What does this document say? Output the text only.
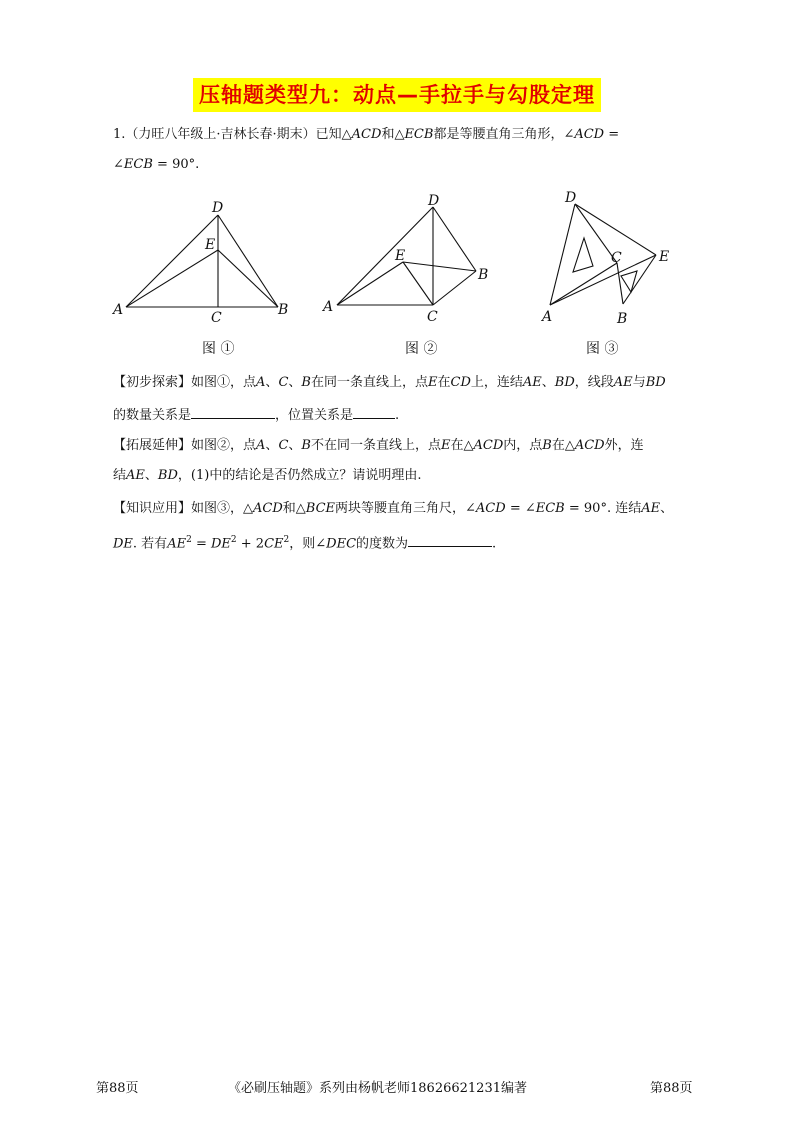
压轴题类型九：动点—手拉手与勾股定理
1.（力旺八年级上·吉林长春·期末）已知△ACD和△ECB都是等腰直角三角形，∠ACD =
∠ECB = 90°.
D
E
A	C	B
图 ①
D
E
A
C
B
图 ②
D
E
C
A	B
图 ③
【初步探索】如图①，点A、C、B在同一条直线上，点E在CD上，连结AE、BD，线段AE与BD
的数量关系是	，位置关系是	.
【拓展延伸】如图②，点A、C、B不在同一条直线上，点E在△ACD内，点B在△ACD外，连
结AE、BD，(1)中的结论是否仍然成立？请说明理由.
【知识应用】如图③，△ACD和△BCE两块等腰直角三角尺，∠ACD = ∠ECB = 90°. 连结AE、
DE. 若有$AE^2 = DE^2 + 2CE^2$，则∠DEC的度数为	.
第88页	《必刷压轴题》系列由杨帆老师18626621231编著	第88页
